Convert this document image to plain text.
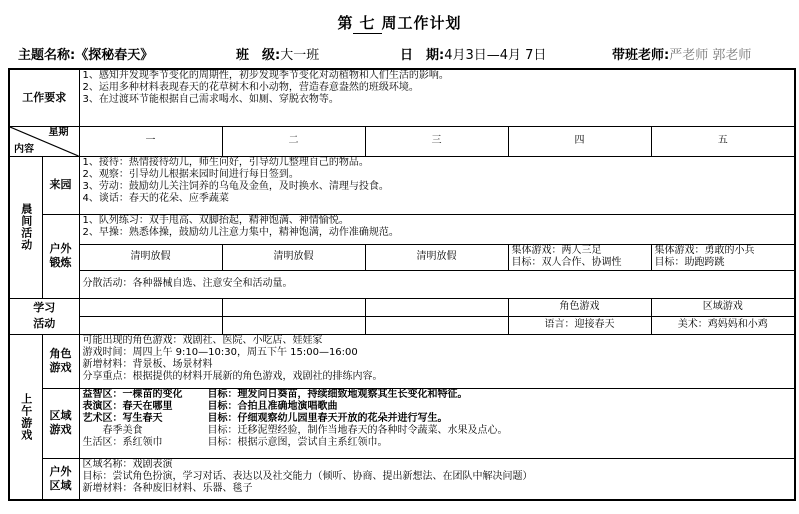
第 七 周工作计划
主题名称:《探秘春天》	班　级:大一班	日　期:4月3日—4月 7日	带班老师:严老师 郭老师
工作要求		1、感知并发现季节变化的周期性，初步发现季节变化对动植物和人们生活的影响。
2、运用多种材料表现春天的花草树木和小动物，营造春意盎然的班级环境。
3、在过渡环节能根据自己需求喝水、如厕、穿脱衣物等。				

星期
内容		一	二	三	四	五

晨间活动	来园	1、接待：热情接待幼儿，师生问好，引导幼儿整理自己的物品。
2、观察：引导幼儿根据来园时间进行每日签到。
3、劳动：鼓励幼儿关注饲养的乌龟及金鱼，及时换水、清理与投食。
4、谈话：春天的花朵、应季蔬菜				

	户外锻炼	1、队列练习：双手甩高、双脚抬起，精神饱满、神情愉悦。
2、早操：熟悉体操，鼓励幼儿注意力集中，精神饱满，动作准确规范。				

		清明放假	清明放假	清明放假	集体游戏：两人三足
目标：双人合作、协调性	集体游戏：勇敢的小兵
目标：助跑跨跳
		分散活动：各种器械自选、注意安全和活动量。				
学习活动					角色游戏	区域游戏
					语言：迎接春天	美术：鸡妈妈和小鸡

上午游戏	角色游戏	可能出现的角色游戏：戏剧社、医院、小吃店、娃娃家
游戏时间：周四上午 9:10—10:30，周五下午 15:00—16:00
新增材料：背景板、场景材料
分享重点：根据提供的材料开展新的角色游戏，戏剧社的排练内容。				

	区域游戏	益智区：一棵苗的变化 目标：理发问日葵苗，持续细致地观察其生长变化和特征。
表演区：春天在哪里 目标：合拍且准确地演唱歌曲
艺术区：写生春天 目标：仔细观察幼儿园里春天开放的花朵并进行写生。
　　春季美食 目标：迁移泥塑经验，制作当地春天的各种时令蔬菜、水果及点心。
生活区：系红领巾 目标：根据示意图，尝试自主系红领巾。				

	户外区域	区域名称：戏剧表演
目标：尝试角色扮演，学习对话、表达以及社交能力（倾听、协商、提出新想法、在团队中解决问题）
新增材料：各种废旧材料、乐器、毯子				
